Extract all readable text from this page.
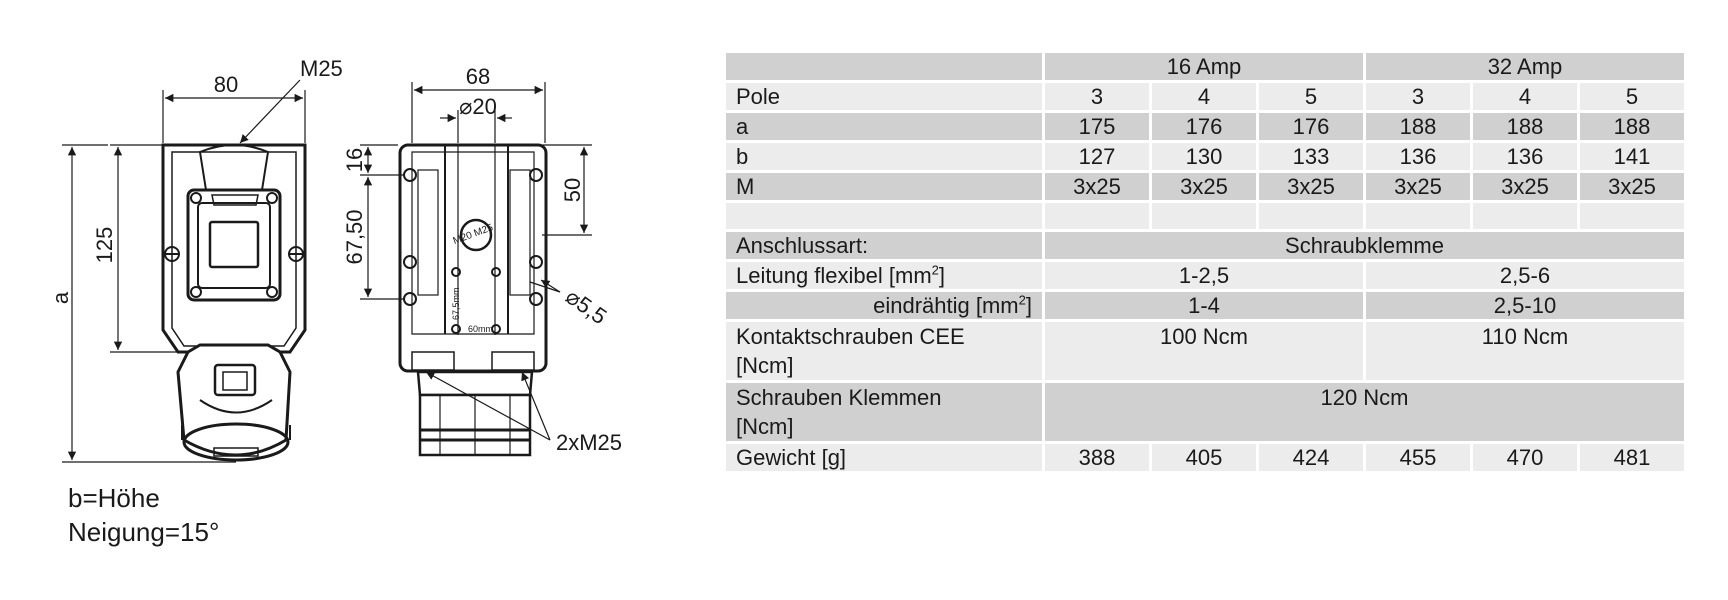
80
M25
125
a
M20 M25
67,5mm
60mm
68
⌀20
16
67,50
50
⌀5,5
2xM25
b=Höhe
Neigung=15°
	16 Amp			32 Amp		
Pole	3	4	5	3	4	5
a	175	176	176	188	188	188
b	127	130	133	136	136	141
M	3x25	3x25	3x25	3x25	3x25	3x25

Anschlussart:	Schraubklemme					
Leitung flexibel $[mm^2]$	1-2,5			2,5-6		
eindrähtig $[mm^2]$	1-4			2,5-10		

Kontaktschrauben CEE
[Ncm]	100 Ncm			110 Ncm		

Schrauben Klemmen
[Ncm]	120 Ncm					
Gewicht [g]	388	405	424	455	470	481
